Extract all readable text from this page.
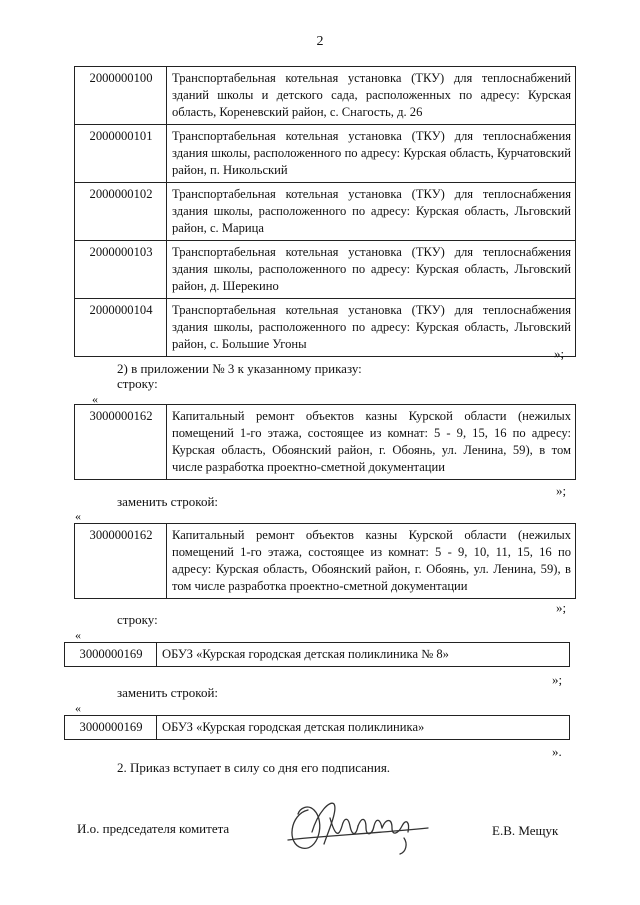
2
2000000100	Транспортабельная котельная установка (ТКУ) для теплоснабжений зданий школы и детского сада, расположенных по адресу: Курская область, Кореневский район, с. Снагость, д. 26
2000000101	Транспортабельная котельная установка (ТКУ) для теплоснабжения здания школы, расположенного по адресу: Курская область, Курчатовский район, п. Никольский
2000000102	Транспортабельная котельная установка (ТКУ) для теплоснабжения здания школы, расположенного по адресу: Курская область, Льговский район, с. Марица
2000000103	Транспортабельная котельная установка (ТКУ) для теплоснабжения здания школы, расположенного по адресу: Курская область, Льговский район, д. Шерекино
2000000104	Транспортабельная котельная установка (ТКУ) для теплоснабжения здания школы, расположенного по адресу: Курская область, Льговский район, с. Большие Угоны
»;
2) в приложении № 3 к указанному приказу:
строку:
«
3000000162	Капитальный ремонт объектов казны Курской области (нежилых помещений 1-го этажа, состоящее из комнат: 5 - 9, 15, 16 по адресу: Курская область, Обоянский район, г. Обоянь, ул. Ленина, 59), в том числе разработка проектно-сметной документации
»;
заменить строкой:
«
3000000162	Капитальный ремонт объектов казны Курской области (нежилых помещений 1-го этажа, состоящее из комнат: 5 - 9, 10, 11, 15, 16 по адресу: Курская область, Обоянский район, г. Обоянь, ул. Ленина, 59), в том числе разработка проектно-сметной документации
»;
строку:
«
3000000169	ОБУЗ «Курская городская детская поликлиника № 8»
»;
заменить строкой:
«
3000000169	ОБУЗ «Курская городская детская поликлиника»
».
2. Приказ вступает в силу со дня его подписания.
И.о. председателя комитета	Е.В. Мещук
